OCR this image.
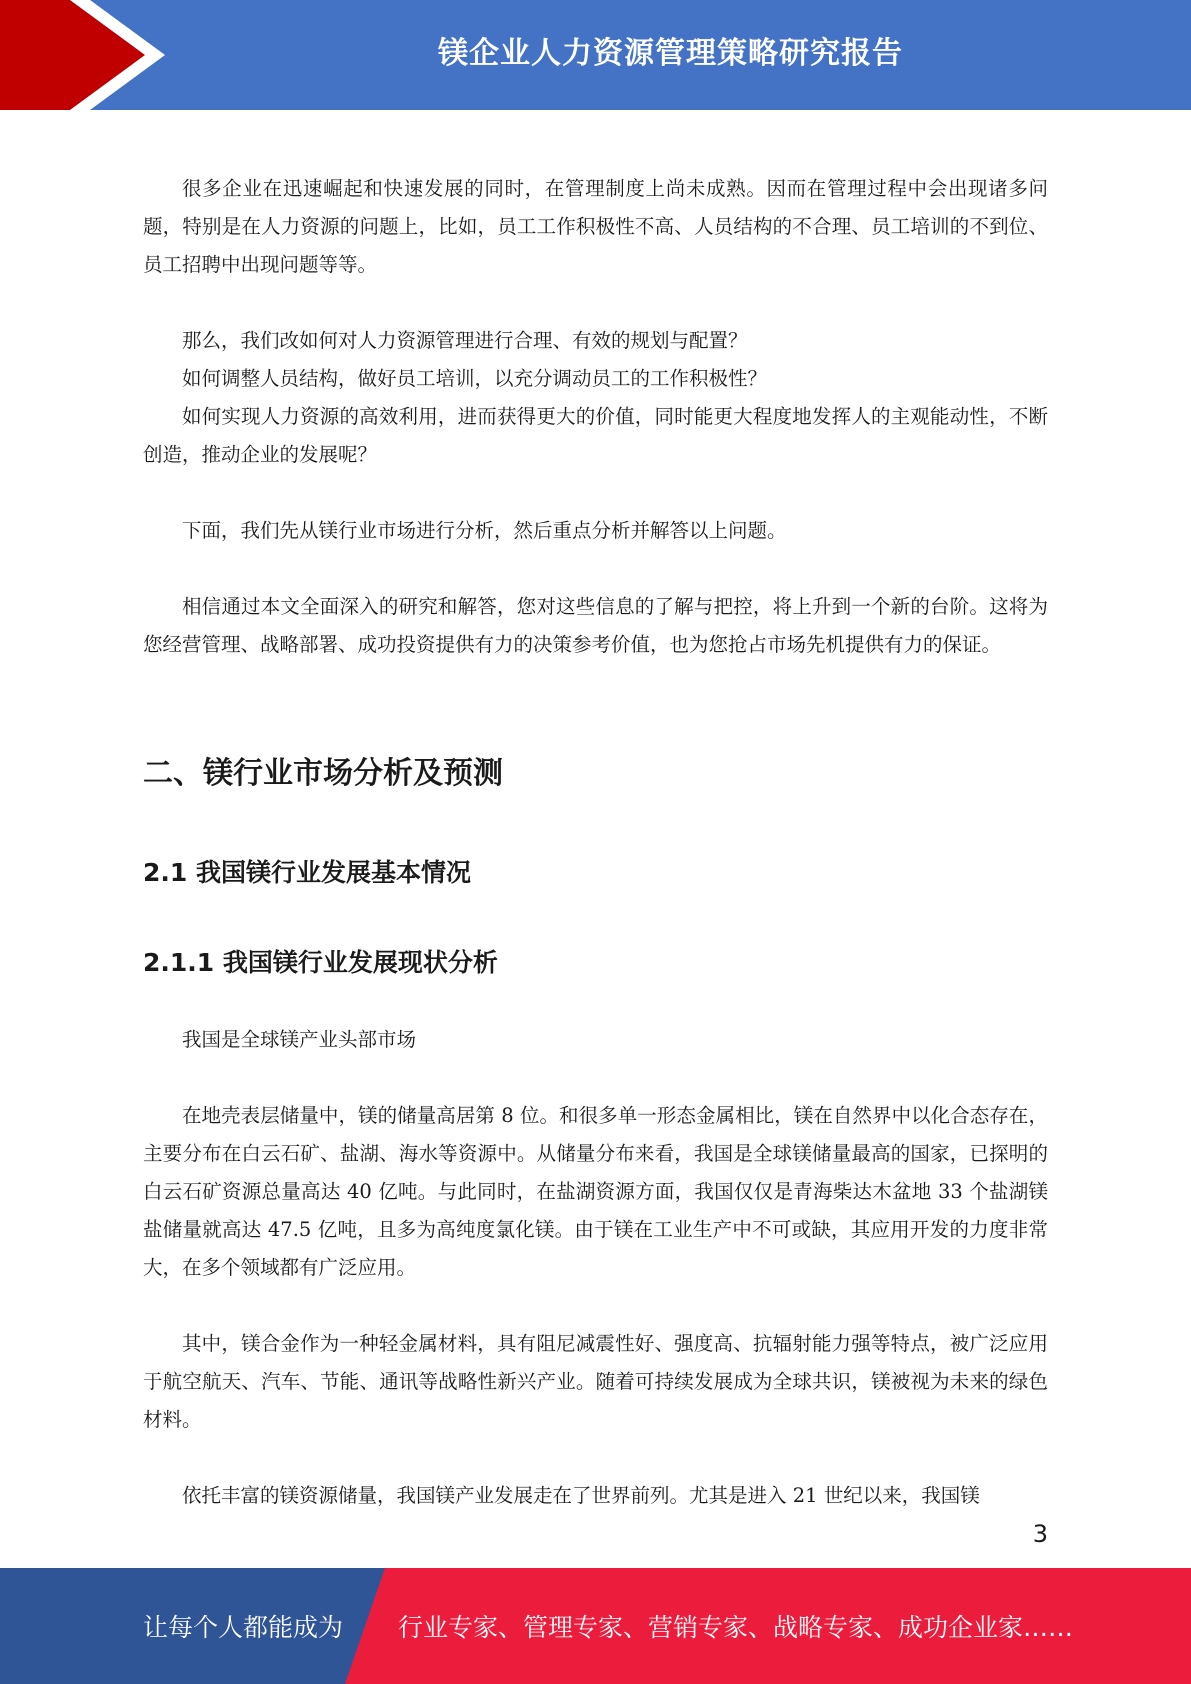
镁企业人力资源管理策略研究报告

很多企业在迅速崛起和快速发展的同时，在管理制度上尚未成熟。因而在管理过程中会出现诸多问题，特别是在人力资源的问题上，比如，员工工作积极性不高、人员结构的不合理、员工培训的不到位、员工招聘中出现问题等等。

那么，我们改如何对人力资源管理进行合理、有效的规划与配置？

如何调整人员结构，做好员工培训，以充分调动员工的工作积极性？

如何实现人力资源的高效利用，进而获得更大的价值，同时能更大程度地发挥人的主观能动性，不断创造，推动企业的发展呢？

下面，我们先从镁行业市场进行分析，然后重点分析并解答以上问题。

相信通过本文全面深入的研究和解答，您对这些信息的了解与把控，将上升到一个新的台阶。这将为您经营管理、战略部署、成功投资提供有力的决策参考价值，也为您抢占市场先机提供有力的保证。

二、镁行业市场分析及预测
2.1 我国镁行业发展基本情况
2.1.1 我国镁行业发展现状分析

我国是全球镁产业头部市场

在地壳表层储量中，镁的储量高居第 8 位。和很多单一形态金属相比，镁在自然界中以化合态存在，主要分布在白云石矿、盐湖、海水等资源中。从储量分布来看，我国是全球镁储量最高的国家，已探明的白云石矿资源总量高达 40 亿吨。与此同时，在盐湖资源方面，我国仅仅是青海柴达木盆地 33 个盐湖镁盐储量就高达 47.5 亿吨，且多为高纯度氯化镁。由于镁在工业生产中不可或缺，其应用开发的力度非常大，在多个领域都有广泛应用。

其中，镁合金作为一种轻金属材料，具有阻尼减震性好、强度高、抗辐射能力强等特点，被广泛应用于航空航天、汽车、节能、通讯等战略性新兴产业。随着可持续发展成为全球共识，镁被视为未来的绿色材料。

依托丰富的镁资源储量，我国镁产业发展走在了世界前列。尤其是进入 21 世纪以来，我国镁

3
让每个人都能成为 行业专家、管理专家、营销专家、战略专家、成功企业家……
